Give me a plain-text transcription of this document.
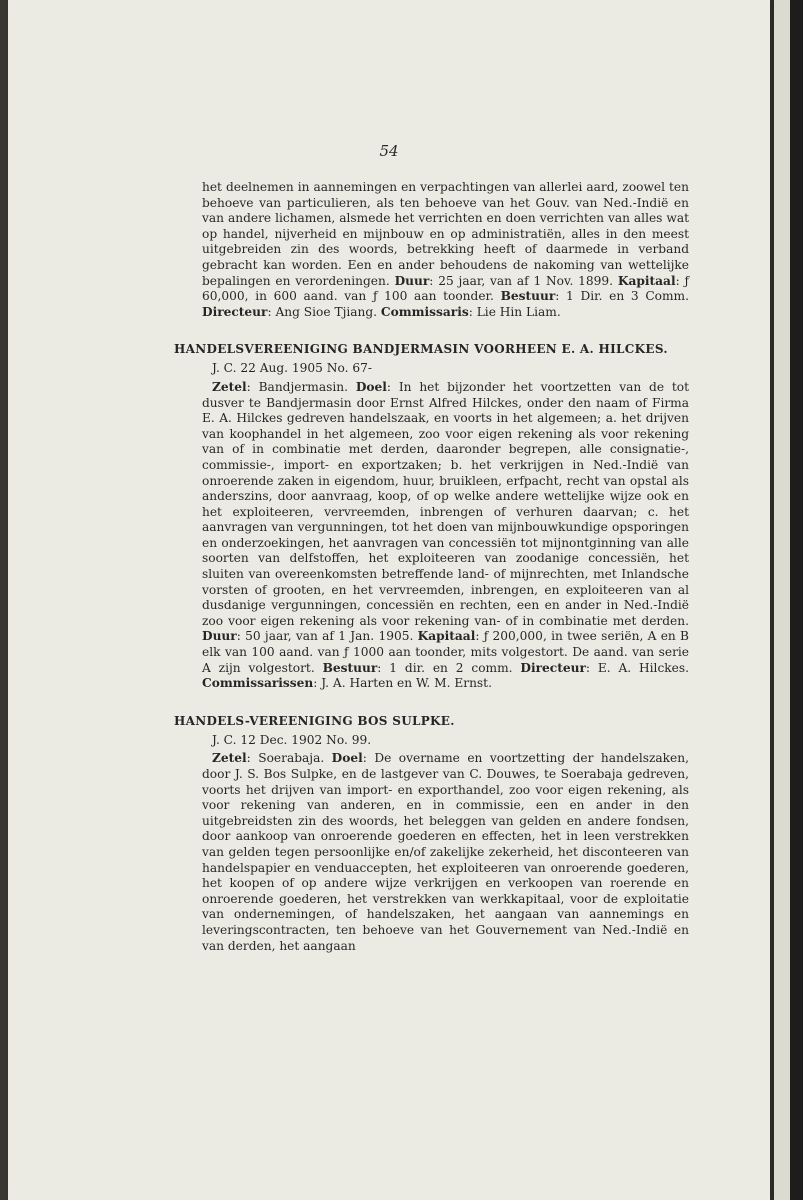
54

het deelnemen in aannemingen en verpachtingen van allerlei aard, zoowel ten behoeve van particulieren, als ten behoeve van het Gouv. van Ned.-Indië en van andere lichamen, alsmede het verrichten en doen verrichten van alles wat op handel, nijverheid en mijnbouw en op administratiën, alles in den meest uitgebreiden zin des woords, betrekking heeft of daarmede in verband gebracht kan worden. Een en ander behoudens de nakoming van wettelijke bepalingen en verordeningen. Duur: 25 jaar, van af 1 Nov. 1899. Kapitaal: ƒ 60,000, in 600 aand. van ƒ 100 aan toonder. Bestuur: 1 Dir. en 3 Comm. Directeur: Ang Sioe Tjiang. Commissaris: Lie Hin Liam.

HANDELSVEREENIGING BANDJERMASIN VOORHEEN E. A. HILCKES.
J. C. 22 Aug. 1905 No. 67-

Zetel: Bandjermasin. Doel: In het bijzonder het voortzetten van de tot dusver te Bandjermasin door Ernst Alfred Hilckes, onder den naam of Firma E. A. Hilckes gedreven handelszaak, en voorts in het algemeen; a. het drijven van koophandel in het algemeen, zoo voor eigen rekening als voor rekening van of in combinatie met derden, daaronder begrepen, alle consignatie-, commissie-, import- en exportzaken; b. het verkrijgen in Ned.-Indië van onroerende zaken in eigendom, huur, bruikleen, erfpacht, recht van opstal als anderszins, door aanvraag, koop, of op welke andere wettelijke wijze ook en het exploiteeren, vervreemden, inbrengen of verhuren daarvan; c. het aanvragen van vergunningen, tot het doen van mijnbouwkundige opsporingen en onderzoekingen, het aanvragen van concessiën tot mijnontginning van alle soorten van delfstoffen, het exploiteeren van zoodanige concessiën, het sluiten van overeenkomsten betreffende land- of mijnrechten, met Inlandsche vorsten of grooten, en het vervreemden, inbrengen, en exploiteeren van al dusdanige vergunningen, concessiën en rechten, een en ander in Ned.-Indië zoo voor eigen rekening als voor rekening van- of in combinatie met derden. Duur: 50 jaar, van af 1 Jan. 1905. Kapitaal: ƒ 200,000, in twee seriën, A en B elk van 100 aand. van ƒ 1000 aan toonder, mits volgestort. De aand. van serie A zijn volgestort. Bestuur: 1 dir. en 2 comm. Directeur: E. A. Hilckes. Commissarissen: J. A. Harten en W. M. Ernst.

HANDELS-VEREENIGING BOS SULPKE.
J. C. 12 Dec. 1902 No. 99.

Zetel: Soerabaja. Doel: De overname en voortzetting der handelszaken, door J. S. Bos Sulpke, en de lastgever van C. Douwes, te Soerabaja gedreven, voorts het drijven van import- en exporthandel, zoo voor eigen rekening, als voor rekening van anderen, en in commissie, een en ander in den uitgebreidsten zin des woords, het beleggen van gelden en andere fondsen, door aankoop van onroerende goederen en effecten, het in leen verstrekken van gelden tegen persoonlijke en/of zakelijke zekerheid, het disconteeren van handelspapier en venduaccepten, het exploiteeren van onroerende goederen, het koopen of op andere wijze verkrijgen en verkoopen van roerende en onroerende goederen, het verstrekken van werkkapitaal, voor de exploitatie van ondernemingen, of handelszaken, het aangaan van aannemings en leveringscontracten, ten behoeve van het Gouvernement van Ned.-Indië en van derden, het aangaan
